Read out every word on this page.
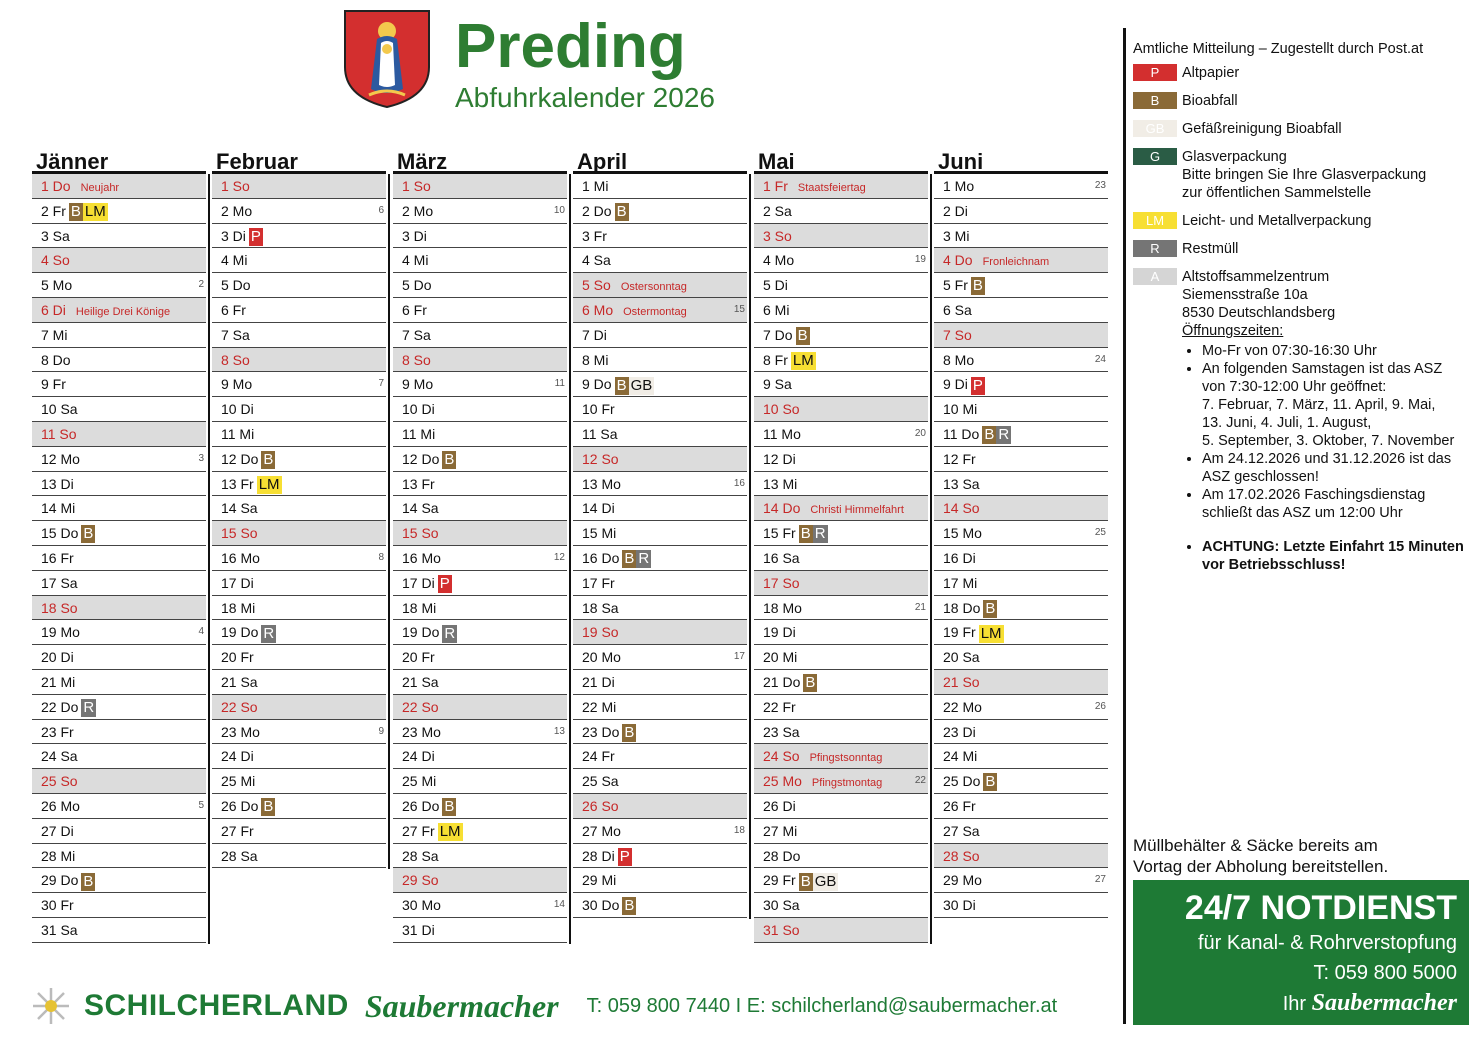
Preding
Abfuhrkalender 2026
Jänner
1 Do Neujahr
2 Fr B LM
3 Sa
4 So
5 Mo	2
6 Di Heilige Drei Könige
7 Mi
8 Do
9 Fr
10 Sa
11 So
12 Mo	3
13 Di
14 Mi
15 Do B
16 Fr
17 Sa
18 So
19 Mo	4
20 Di
21 Mi
22 Do R
23 Fr
24 Sa
25 So
26 Mo	5
27 Di
28 Mi
29 Do B
30 Fr
31 Sa
Februar
1 So
2 Mo	6
3 Di P
4 Mi
5 Do
6 Fr
7 Sa
8 So
9 Mo	7
10 Di
11 Mi
12 Do B
13 Fr LM
14 Sa
15 So
16 Mo	8
17 Di
18 Mi
19 Do R
20 Fr
21 Sa
22 So
23 Mo	9
24 Di
25 Mi
26 Do B
27 Fr
28 Sa
März
1 So
2 Mo	10
3 Di
4 Mi
5 Do
6 Fr
7 Sa
8 So
9 Mo	11
10 Di
11 Mi
12 Do B
13 Fr
14 Sa
15 So
16 Mo	12
17 Di P
18 Mi
19 Do R
20 Fr
21 Sa
22 So
23 Mo	13
24 Di
25 Mi
26 Do B
27 Fr LM
28 Sa
29 So
30 Mo	14
31 Di
April
1 Mi
2 Do B
3 Fr
4 Sa
5 So Ostersonntag
6 Mo Ostermontag	15
7 Di
8 Mi
9 Do B GB
10 Fr
11 Sa
12 So
13 Mo	16
14 Di
15 Mi
16 Do B R
17 Fr
18 Sa
19 So
20 Mo	17
21 Di
22 Mi
23 Do B
24 Fr
25 Sa
26 So
27 Mo	18
28 Di P
29 Mi
30 Do B
Mai
1 Fr Staatsfeiertag
2 Sa
3 So
4 Mo	19
5 Di
6 Mi
7 Do B
8 Fr LM
9 Sa
10 So
11 Mo	20
12 Di
13 Mi
14 Do Christi Himmelfahrt
15 Fr B R
16 Sa
17 So
18 Mo	21
19 Di
20 Mi
21 Do B
22 Fr
23 Sa
24 So Pfingstsonntag
25 Mo Pfingstmontag	22
26 Di
27 Mi
28 Do
29 Fr B GB
30 Sa
31 So
Juni
1 Mo	23
2 Di
3 Mi
4 Do Fronleichnam
5 Fr B
6 Sa
7 So
8 Mo	24
9 Di P
10 Mi
11 Do B R
12 Fr
13 Sa
14 So
15 Mo	25
16 Di
17 Mi
18 Do B
19 Fr LM
20 Sa
21 So
22 Mo	26
23 Di
24 Mi
25 Do B
26 Fr
27 Sa
28 So
29 Mo	27
30 Di
Amtliche Mitteilung – Zugestellt durch Post.at
P	Altpapier
B	Bioabfall
GB	Gefäßreinigung Bioabfall
G	Glasverpackung
Bitte bringen Sie Ihre Glasverpackung
zur öffentlichen Sammelstelle
LM	Leicht- und Metallverpackung
R	Restmüll
A	Altstoffsammelzentrum
Siemensstraße 10a
8530 Deutschlandsberg
Öffnungszeiten:
• Mo-Fr von 07:30-16:30 Uhr
• An folgenden Samstagen ist das ASZ
von 7:30-12:00 Uhr geöffnet:
7. Februar, 7. März, 11. April, 9. Mai,
13. Juni, 4. Juli, 1. August,
5. September, 3. Oktober, 7. November
• Am 24.12.2026 und 31.12.2026 ist das
ASZ geschlossen!
• Am 17.02.2026 Faschingsdienstag
schließt das ASZ um 12:00 Uhr
• ACHTUNG: Letzte Einfahrt 15 Minuten
vor Betriebsschluss!
Müllbehälter & Säcke bereits am
Vortag der Abholung bereitstellen.
24/7 NOTDIENST
für Kanal- & Rohrverstopfung
T: 059 800 5000
Ihr Saubermacher
SCHILCHERLAND Saubermacher T: 059 800 7440 I E: schilcherland@saubermacher.at
